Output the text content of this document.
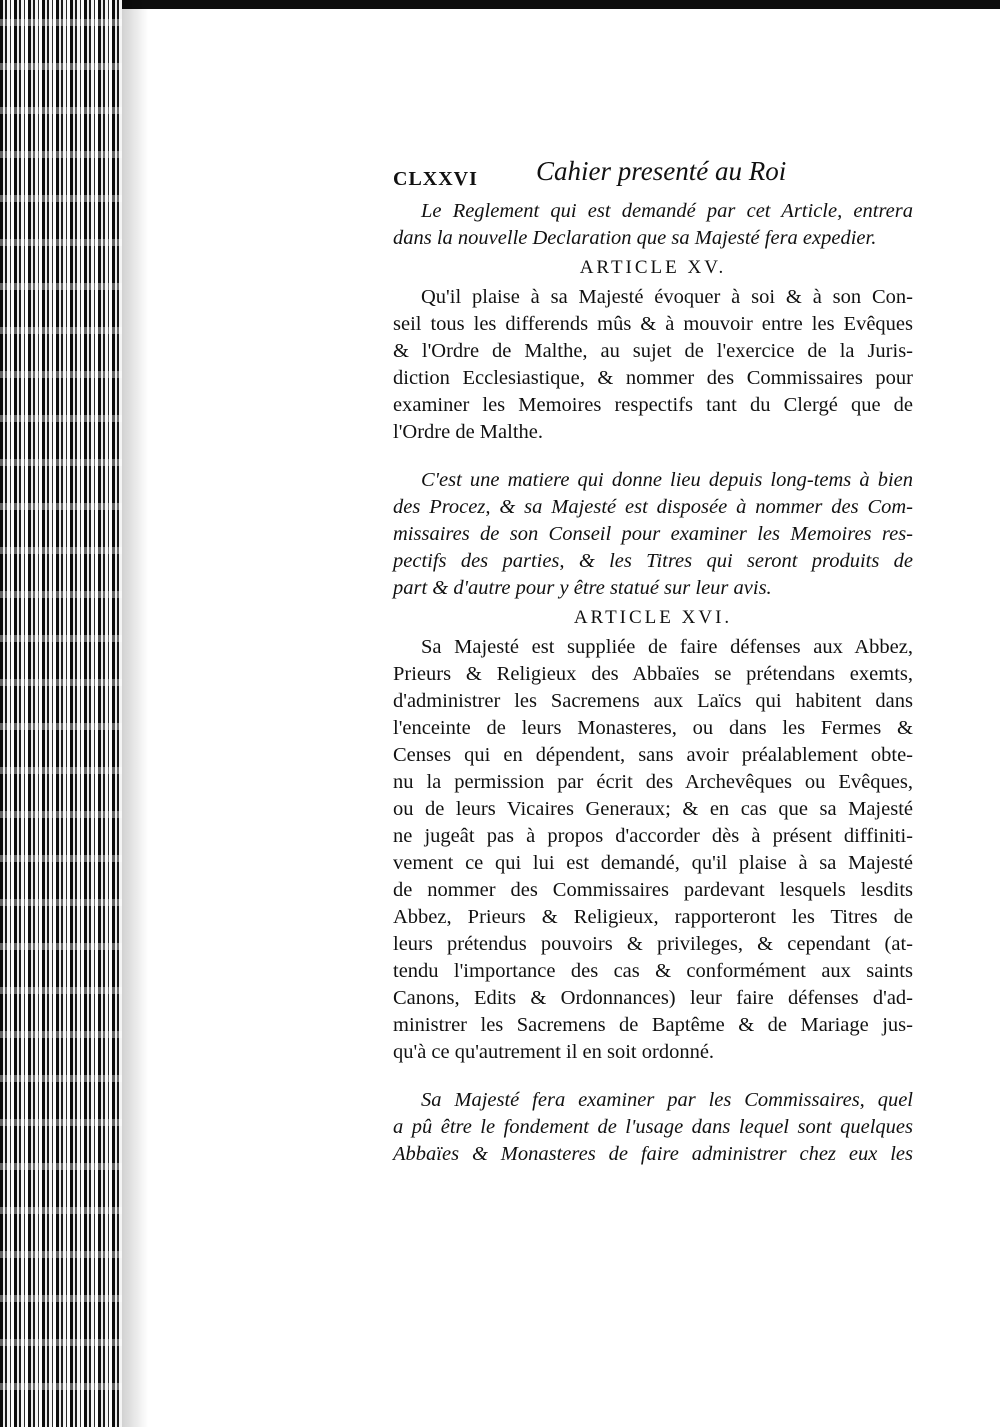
CLXXVI Cahier presenté au Roi
Le Reglement qui est demandé par cet Article, entrera
dans la nouvelle Declaration que sa Majesté fera expedier.
ARTICLE XV.
Qu'il plaise à sa Majesté évoquer à soi & à son Con-
seil tous les differends mûs & à mouvoir entre les Evêques
& l'Ordre de Malthe, au sujet de l'exercice de la Juris-
diction Ecclesiastique, & nommer des Commissaires pour
examiner les Memoires respectifs tant du Clergé que de
l'Ordre de Malthe.
C'est une matiere qui donne lieu depuis long-tems à bien
des Procez, & sa Majesté est disposée à nommer des Com-
missaires de son Conseil pour examiner les Memoires res-
pectifs des parties, & les Titres qui seront produits de
part & d'autre pour y être statué sur leur avis.
ARTICLE XVI.
Sa Majesté est suppliée de faire défenses aux Abbez,
Prieurs & Religieux des Abbaïes se prétendans exemts,
d'administrer les Sacremens aux Laïcs qui habitent dans
l'enceinte de leurs Monasteres, ou dans les Fermes &
Censes qui en dépendent, sans avoir préalablement obte-
nu la permission par écrit des Archevêques ou Evêques,
ou de leurs Vicaires Generaux; & en cas que sa Majesté
ne jugeât pas à propos d'accorder dès à présent diffiniti-
vement ce qui lui est demandé, qu'il plaise à sa Majesté
de nommer des Commissaires pardevant lesquels lesdits
Abbez, Prieurs & Religieux, rapporteront les Titres de
leurs prétendus pouvoirs & privileges, & cependant (at-
tendu l'importance des cas & conformément aux saints
Canons, Edits & Ordonnances) leur faire défenses d'ad-
ministrer les Sacremens de Baptême & de Mariage jus-
qu'à ce qu'autrement il en soit ordonné.
Sa Majesté fera examiner par les Commissaires, quel
a pû être le fondement de l'usage dans lequel sont quelques
Abbaïes & Monasteres de faire administrer chez eux les
